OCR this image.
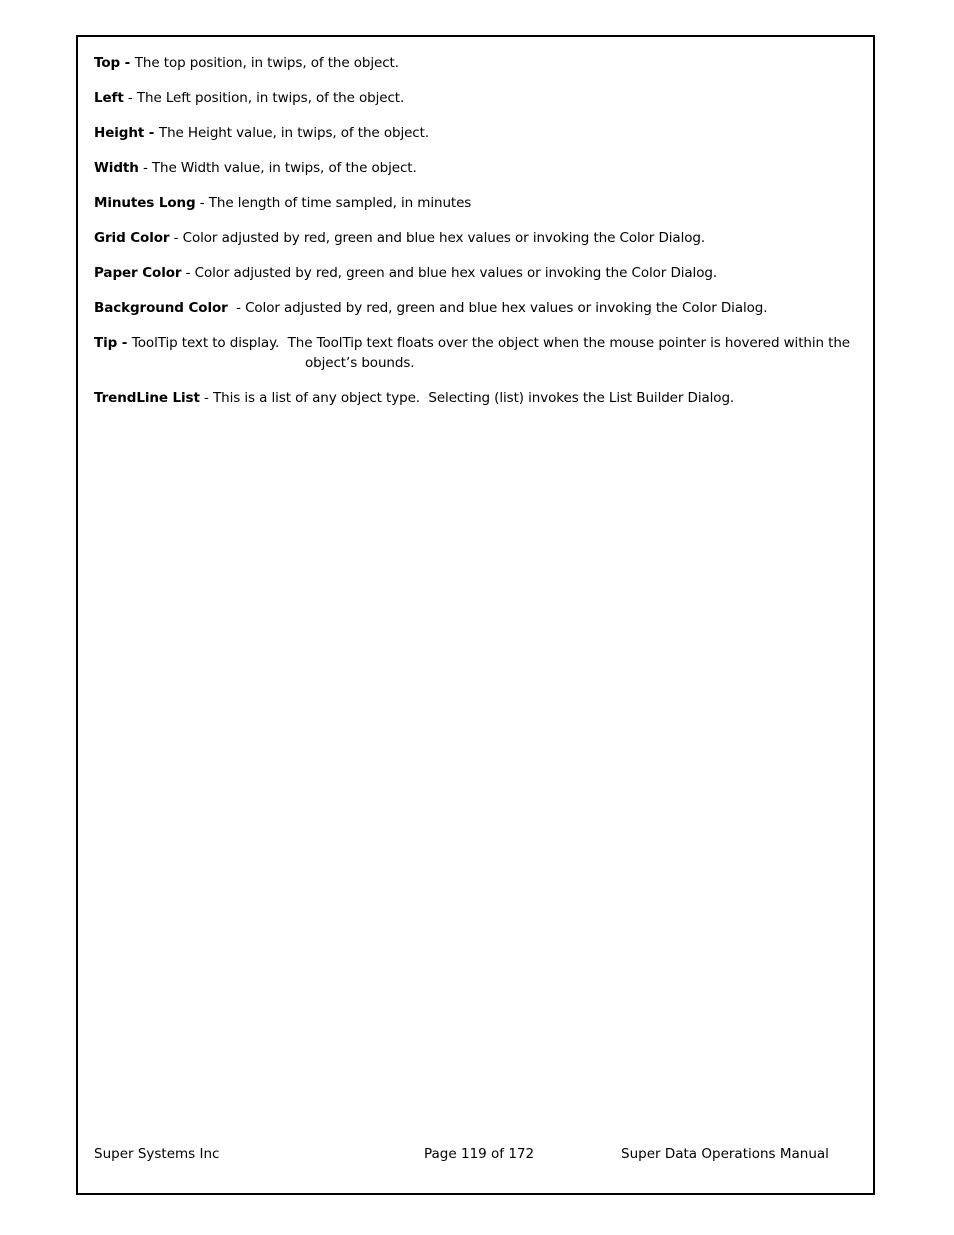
Top - The top position, in twips, of the object.

Left - The Left position, in twips, of the object.

Height - The Height value, in twips, of the object.

Width - The Width value, in twips, of the object.

Minutes Long - The length of time sampled, in minutes

Grid Color - Color adjusted by red, green and blue hex values or invoking the Color Dialog.

Paper Color - Color adjusted by red, green and blue hex values or invoking the Color Dialog.

Background Color  - Color adjusted by red, green and blue hex values or invoking the Color Dialog.

Tip - ToolTip text to display.  The ToolTip text floats over the object when the mouse pointer is hovered within the
object’s bounds.

TrendLine List - This is a list of any object type.  Selecting (list) invokes the List Builder Dialog.

Super Systems Inc	Page 119 of 172	Super Data Operations Manual
